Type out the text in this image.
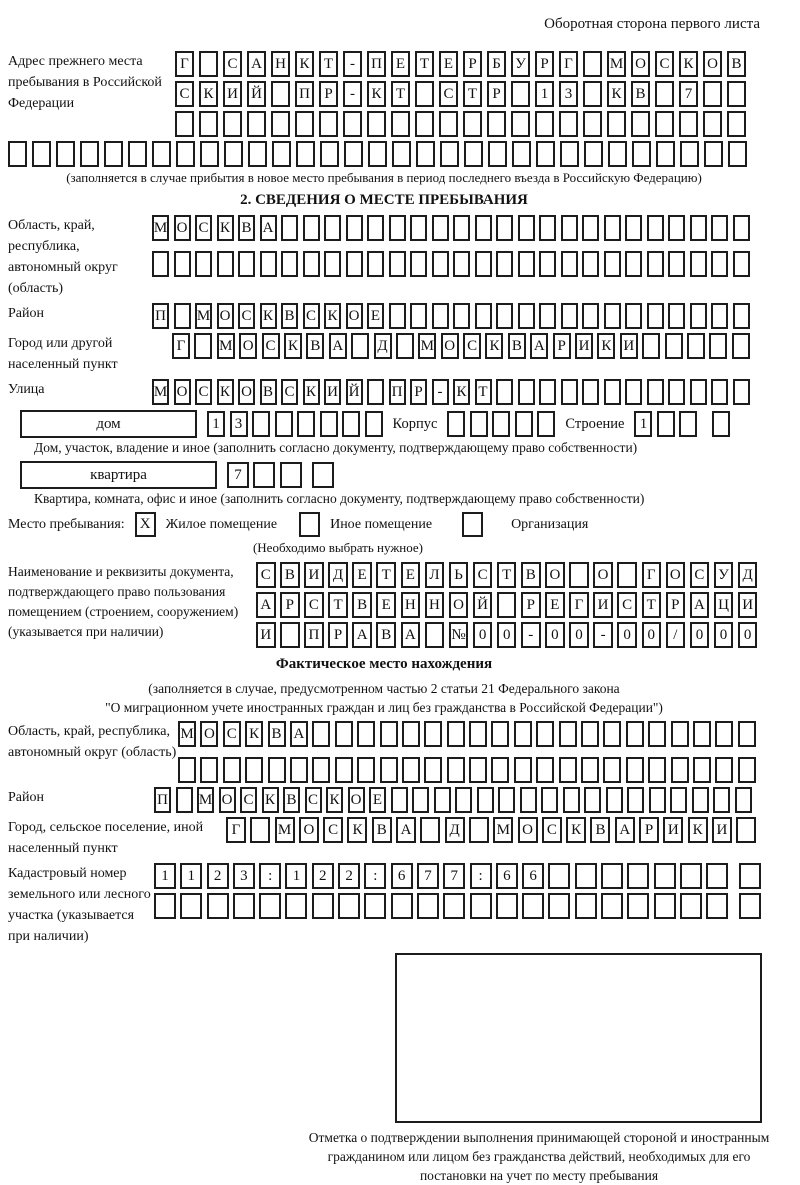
Оборотная сторона первого листа
Адрес прежнего места пребывания в Российской Федерации
Г	С А Н К Т	-	П Е Т Е	Р	Б У Р	Г	М О С К О В
С К И Й П Р	-	К Т	С Т	Р	1	3	К В	7
(заполняется в случае прибытия в новое место пребывания в период последнего въезда в Российскую Федерацию)
2. СВЕДЕНИЯ О МЕСТЕ ПРЕБЫВАНИЯ
Область, край, республика, автономный округ (область)
М О С К В А
Район	П М О С К В С К О Е
Город или другой населенный пункт
Г	М О С К В А Д М О С К В А Р И К И
Улица	М О С К О В С К И Й П Р - К Т
дом	1	3	Корпус	Строение	1
Дом, участок, владение и иное (заполнить согласно документу, подтверждающему право собственности)
квартира	7
Квартира, комната, офис и иное (заполнить согласно документу, подтверждающему право собственности)
Место пребывания:	X	Жилое помещение	Иное помещение	Организация
(Необходимо выбрать нужное)
Наименование и реквизиты документа, подтверждающего право пользования помещением (строением, сооружением) (указывается при наличии)
С В И Д Е Т Е Л Ь С Т В О О	Г О С У Д
А Р С Т В Е Н Н О Й	Р	Е	Г И С Т	Р А Ц И
И П Р А В А № 0	0	-	0	0	-	0	0	/	0	0	0
Фактическое место нахождения
(заполняется в случае, предусмотренном частью 2 статьи 21 Федерального закона
"О миграционном учете иностранных граждан и лиц без гражданства в Российской Федерации")
Область, край, республика, автономный округ (область)
М О С К В А
Район	П М О С К В С К О Е
Город, сельское поселение, иной населенный пункт
Г	М О С К В А	Д	М О С К В А Р И К И
Кадастровый номер земельного или лесного участка (указывается при наличии)
1	1	2	3	:	1	2	2	:	6	7	7	:	6	6
Отметка о подтверждении выполнения принимающей стороной и иностранным гражданином или лицом без гражданства действий, необходимых для его постановки на учет по месту пребывания
